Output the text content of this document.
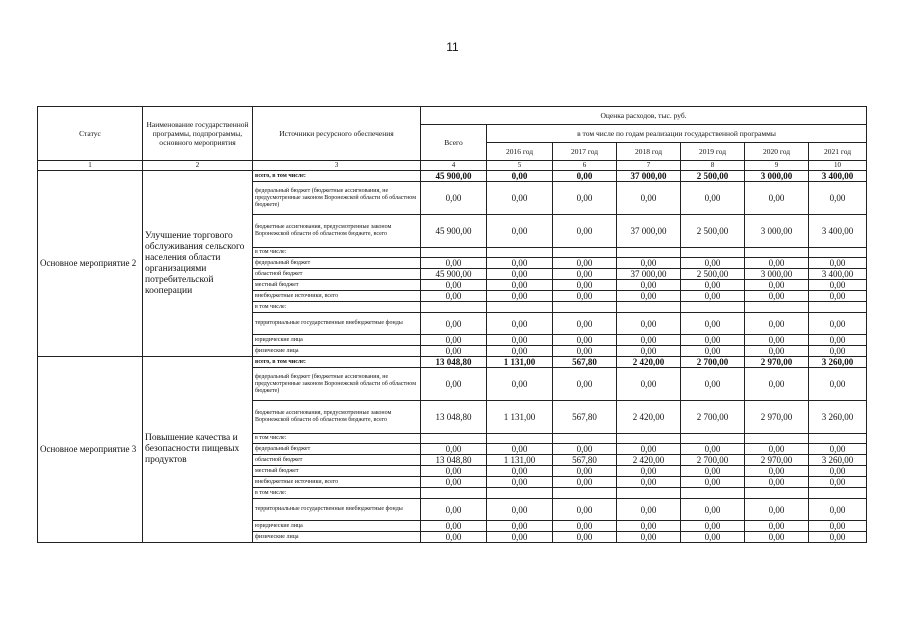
11
Статус	Наименование государственной программы, подпрограммы, основного мероприятия	Источники ресурсного обеспечения	Оценка расходов, тыс. руб.						
			Всего	в том числе по годам реализации государственной программы					
				2016 год	2017 год	2018 год	2019 год	2020 год	2021 год
1	2	3	4	5	6	7	8	9	10
Основное мероприятие 2	Улучшение торгового обслуживания сельского населения области организациями потребительской кооперации	всего, в том числе:	45 900,00	0,00	0,00	37 000,00	2 500,00	3 000,00	3 400,00
		федеральный бюджет (бюджетные ассигнования, не предусмотренные законом Воронежской области об областном бюджете)	0,00	0,00	0,00	0,00	0,00	0,00	0,00
		бюджетные ассигнования, предусмотренные законом Воронежской области об областном бюджете, всего	45 900,00	0,00	0,00	37 000,00	2 500,00	3 000,00	3 400,00
		в том числе:							
		федеральный бюджет	0,00	0,00	0,00	0,00	0,00	0,00	0,00
		областной бюджет	45 900,00	0,00	0,00	37 000,00	2 500,00	3 000,00	3 400,00
		местный бюджет	0,00	0,00	0,00	0,00	0,00	0,00	0,00
		внебюджетные источники, всего	0,00	0,00	0,00	0,00	0,00	0,00	0,00
		в том числе:							
		территориальные государственные внебюджетные фонды	0,00	0,00	0,00	0,00	0,00	0,00	0,00
		юридические лица	0,00	0,00	0,00	0,00	0,00	0,00	0,00
		физические лица	0,00	0,00	0,00	0,00	0,00	0,00	0,00
Основное мероприятие 3	Повышение качества и безопасности пищевых продуктов	всего, в том числе:	13 048,80	1 131,00	567,80	2 420,00	2 700,00	2 970,00	3 260,00
		федеральный бюджет (бюджетные ассигнования, не предусмотренные законом Воронежской области об областном бюджете)	0,00	0,00	0,00	0,00	0,00	0,00	0,00
		бюджетные ассигнования, предусмотренные законом Воронежской области об областном бюджете, всего	13 048,80	1 131,00	567,80	2 420,00	2 700,00	2 970,00	3 260,00
		в том числе:							
		федеральный бюджет	0,00	0,00	0,00	0,00	0,00	0,00	0,00
		областной бюджет	13 048,80	1 131,00	567,80	2 420,00	2 700,00	2 970,00	3 260,00
		местный бюджет	0,00	0,00	0,00	0,00	0,00	0,00	0,00
		внебюджетные источники, всего	0,00	0,00	0,00	0,00	0,00	0,00	0,00
		в том числе:							
		территориальные государственные внебюджетные фонды	0,00	0,00	0,00	0,00	0,00	0,00	0,00
		юридические лица	0,00	0,00	0,00	0,00	0,00	0,00	0,00
		физические лица	0,00	0,00	0,00	0,00	0,00	0,00	0,00
